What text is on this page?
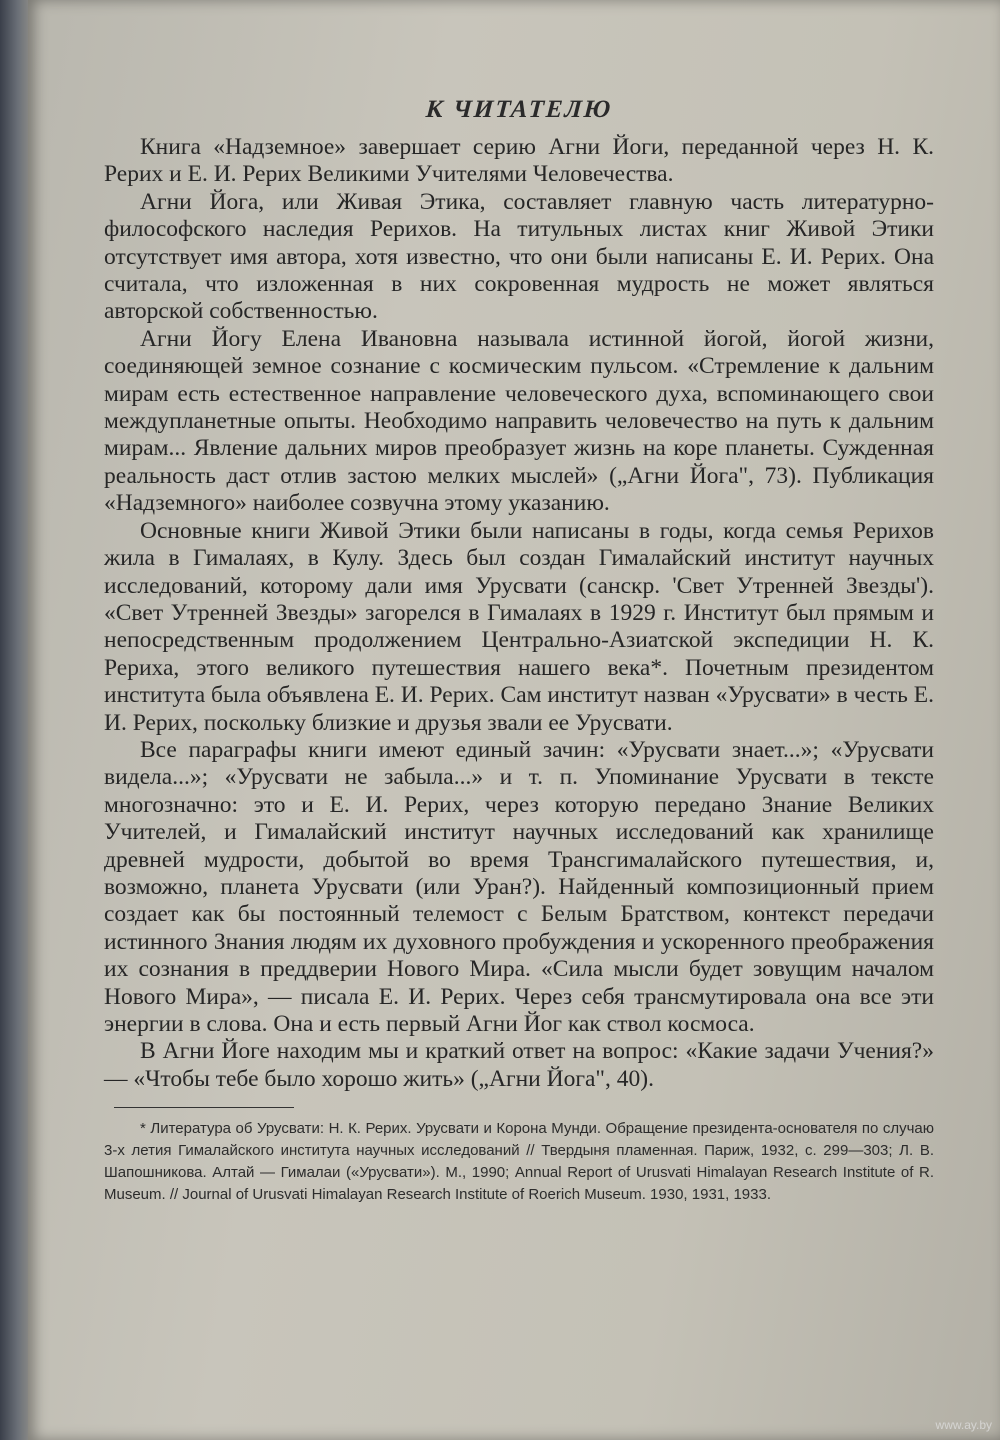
К ЧИТАТЕЛЮ

Книга «Надземное» завершает серию Агни Йоги, переданной через Н. К. Рерих и Е. И. Рерих Великими Учителями Человечества.

Агни Йога, или Живая Этика, составляет главную часть литературно-философского наследия Рерихов. На титульных листах книг Живой Этики отсутствует имя автора, хотя известно, что они были написаны Е. И. Рерих. Она считала, что изложенная в них сокровенная мудрость не может являться авторской собственностью.

Агни Йогу Елена Ивановна называла истинной йогой, йогой жизни, соединяющей земное сознание с космическим пульсом. «Стремление к дальним мирам есть естественное направление человеческого духа, вспоминающего свои междупланетные опыты. Необходимо направить человечество на путь к дальним мирам... Явление дальних миров преобразует жизнь на коре планеты. Сужденная реальность даст отлив застою мелких мыслей» („Агни Йога", 73). Публикация «Надземного» наиболее созвучна этому указанию.

Основные книги Живой Этики были написаны в годы, когда семья Рерихов жила в Гималаях, в Кулу. Здесь был создан Гималайский институт научных исследований, которому дали имя Урусвати (санскр. 'Свет Утренней Звезды'). «Свет Утренней Звезды» загорелся в Гималаях в 1929 г. Институт был прямым и непосредственным продолжением Центрально-Азиатской экспедиции Н. К. Рериха, этого великого путешествия нашего века*. Почетным президентом института была объявлена Е. И. Рерих. Сам институт назван «Урусвати» в честь Е. И. Рерих, поскольку близкие и друзья звали ее Урусвати.

Все параграфы книги имеют единый зачин: «Урусвати знает...»; «Урусвати видела...»; «Урусвати не забыла...» и т. п. Упоминание Урусвати в тексте многозначно: это и Е. И. Рерих, через которую передано Знание Великих Учителей, и Гималайский институт научных исследований как хранилище древней мудрости, добытой во время Трансгималайского путешествия, и, возможно, планета Урусвати (или Уран?). Найденный композиционный прием создает как бы постоянный телемост с Белым Братством, контекст передачи истинного Знания людям их духовного пробуждения и ускоренного преображения их сознания в преддверии Нового Мира. «Сила мысли будет зовущим началом Нового Мира», — писала Е. И. Рерих. Через себя трансмутировала она все эти энергии в слова. Она и есть первый Агни Йог как ствол космоса.

В Агни Йоге находим мы и краткий ответ на вопрос: «Какие задачи Учения?» — «Чтобы тебе было хорошо жить» („Агни Йога", 40).

* Литература об Урусвати: Н. К. Рерих. Урусвати и Корона Мунди. Обращение президента-основателя по случаю 3-х летия Гималайского института научных исследований // Твердыня пламенная. Париж, 1932, с. 299—303; Л. В. Шапошникова. Алтай — Гималаи («Урусвати»). М., 1990; Annual Report of Urusvati Himalayan Research Institute of R. Museum. // Journal of Urusvati Himalayan Research Institute of Roerich Museum. 1930, 1931, 1933.

www.ay.by
